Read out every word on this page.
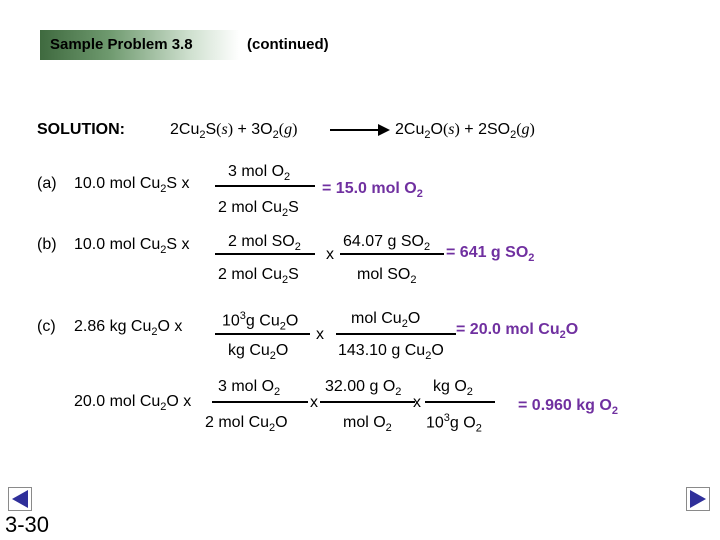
Sample Problem 3.8	(continued)
SOLUTION:	$2Cu_2S(s) + 3O_2(g)$	$2Cu_2O(s) + 2SO_2(g)$
(a) 10.0 mol $Cu_2S$ x
3 mol $O_2$
2 mol $Cu_2S$
= 15.0 mol $O_2$
(b) 10.0 mol $Cu_2S$ x 2 mol $SO_2$
2 mol $Cu_2S$
x
64.07 g $SO_2$
mol $SO_2$
= 641 g $SO_2$
(c) 2.86 kg $Cu_2O$ x $10^3g$ $Cu_2O$
kg $Cu_2O$
x
mol $Cu_2O$
143.10 g $Cu_2O$
= 20.0 mol $Cu_2O$
20.0 mol $Cu_2O$ x
3 mol $O_2$
2 mol $Cu_2O$
x
32.00 g $O_2$
mol $O_2$
x
kg $O_2$
$10^3g$ $O_2$
= 0.960 kg $O_2$
3-30
